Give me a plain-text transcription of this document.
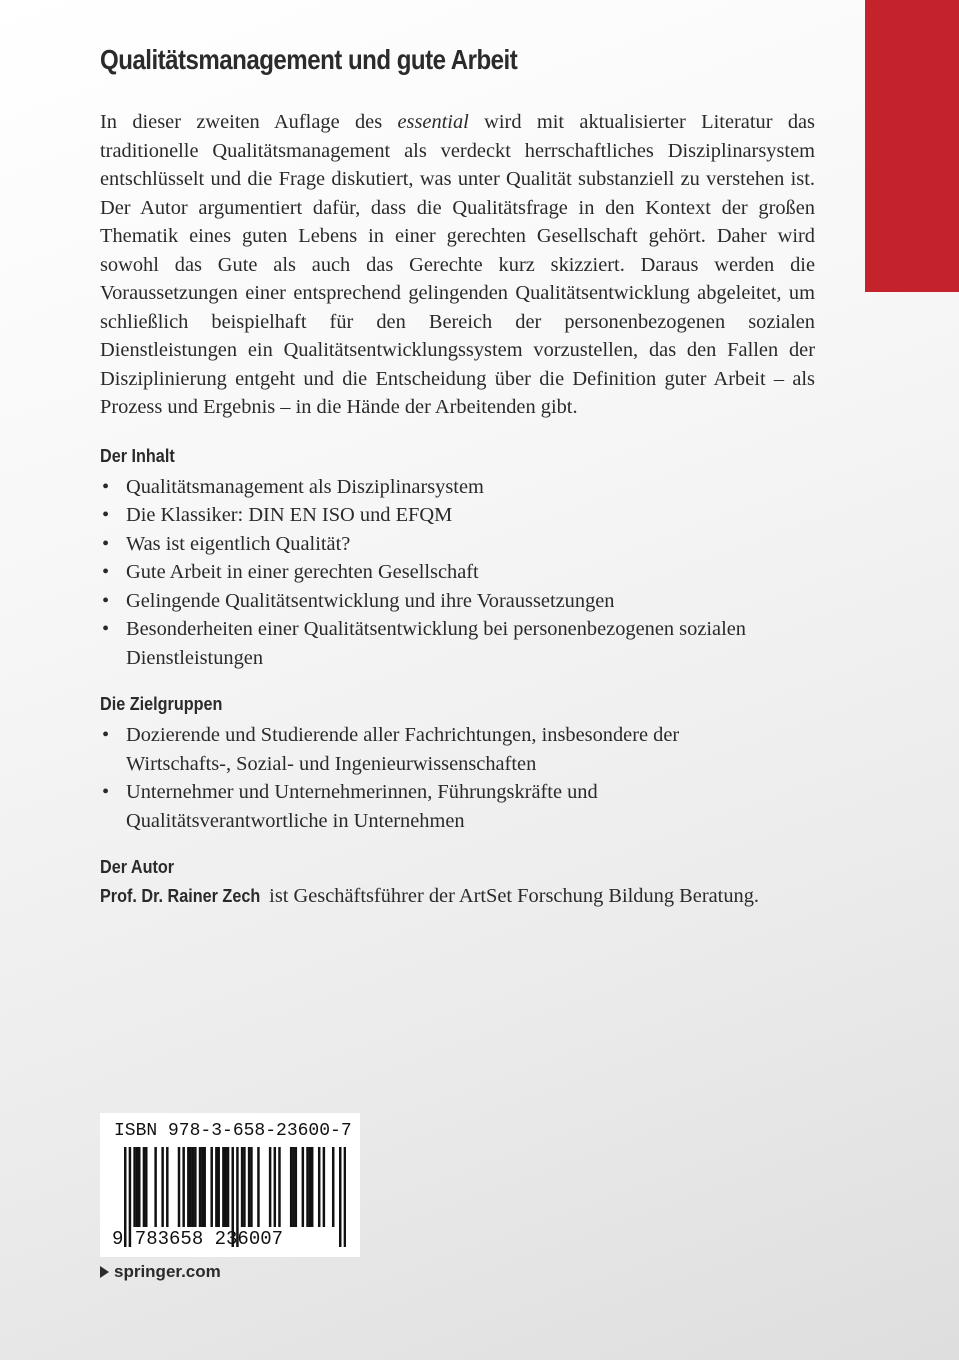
Qualitätsmanagement und gute Arbeit

In dieser zweiten Auflage des essential wird mit aktualisierter Literatur das traditionelle Qualitätsmanagement als verdeckt herrschaftliches Disziplinarsystem entschlüsselt und die Frage diskutiert, was unter Qualität substanziell zu verstehen ist. Der Autor argumentiert dafür, dass die Qualitätsfrage in den Kontext der großen Thematik eines guten Lebens in einer gerechten Gesellschaft gehört. Daher wird sowohl das Gute als auch das Gerechte kurz skizziert. Daraus werden die Voraussetzungen einer entsprechend gelingenden Qualitätsentwicklung abgeleitet, um schließlich beispielhaft für den Bereich der personenbezogenen sozialen Dienstleistungen ein Qualitätsentwicklungssystem vorzustellen, das den Fallen der Disziplinierung entgeht und die Entscheidung über die Definition guter Arbeit – als Prozess und Ergebnis – in die Hände der Arbeitenden gibt.

Der Inhalt
• Qualitätsmanagement als Disziplinarsystem
• Die Klassiker: DIN EN ISO und EFQM
• Was ist eigentlich Qualität?
• Gute Arbeit in einer gerechten Gesellschaft
• Gelingende Qualitätsentwicklung und ihre Voraussetzungen
• Besonderheiten einer Qualitätsentwicklung bei personenbezogenen sozialen Dienstleistungen
Die Zielgruppen
• Dozierende und Studierende aller Fachrichtungen, insbesondere der Wirtschafts-, Sozial- und Ingenieurwissenschaften
• Unternehmer und Unternehmerinnen, Führungskräfte und Qualitätsverantwortliche in Unternehmen
Der Autor
Prof. Dr. Rainer Zech ist Geschäftsführer der ArtSet Forschung Bildung Beratung.
ISBN 978-3-658-23600-7
9 783658 236007
springer.com
